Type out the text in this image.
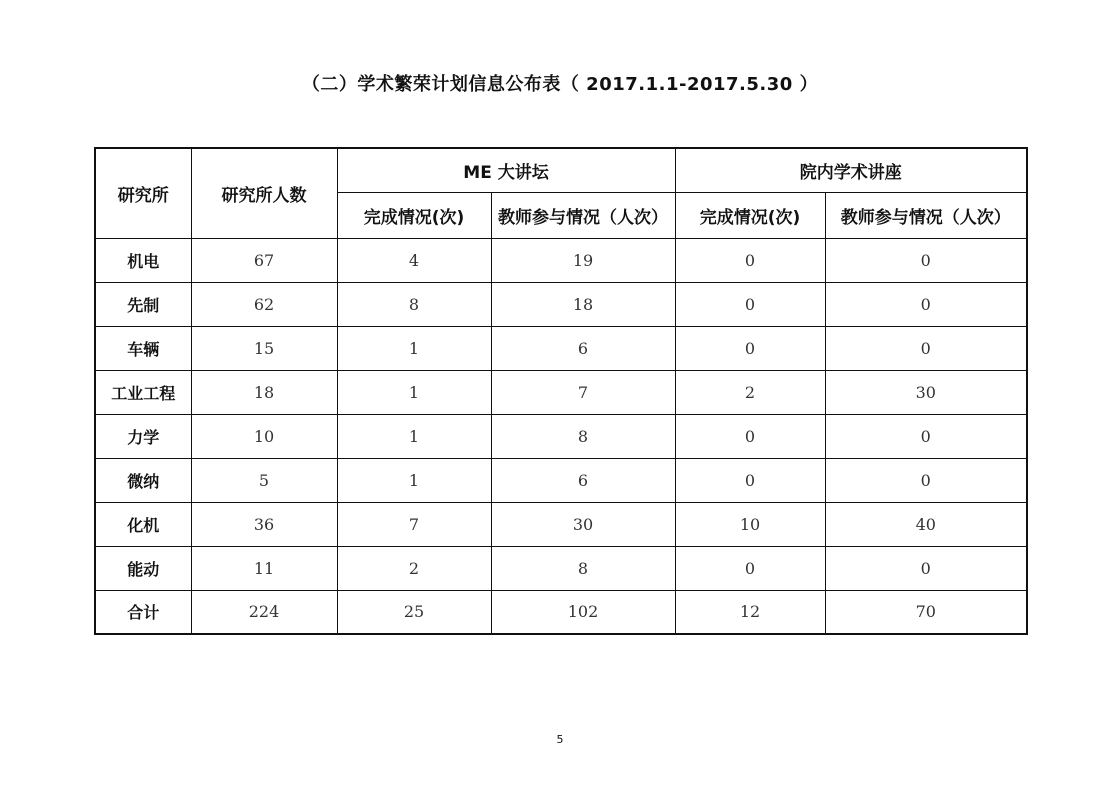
（二）学术繁荣计划信息公布表（ 2017.1.1-2017.5.30 ）
研究所	研究所人数	ME 大讲坛		院内学术讲座	
		完成情况(次)	教师参与情况（人次）	完成情况(次)	教师参与情况（人次）
机电	67	4	19	0	0
先制	62	8	18	0	0
车辆	15	1	6	0	0
工业工程	18	1	7	2	30
力学	10	1	8	0	0
微纳	5	1	6	0	0
化机	36	7	30	10	40
能动	11	2	8	0	0
合计	224	25	102	12	70
5
